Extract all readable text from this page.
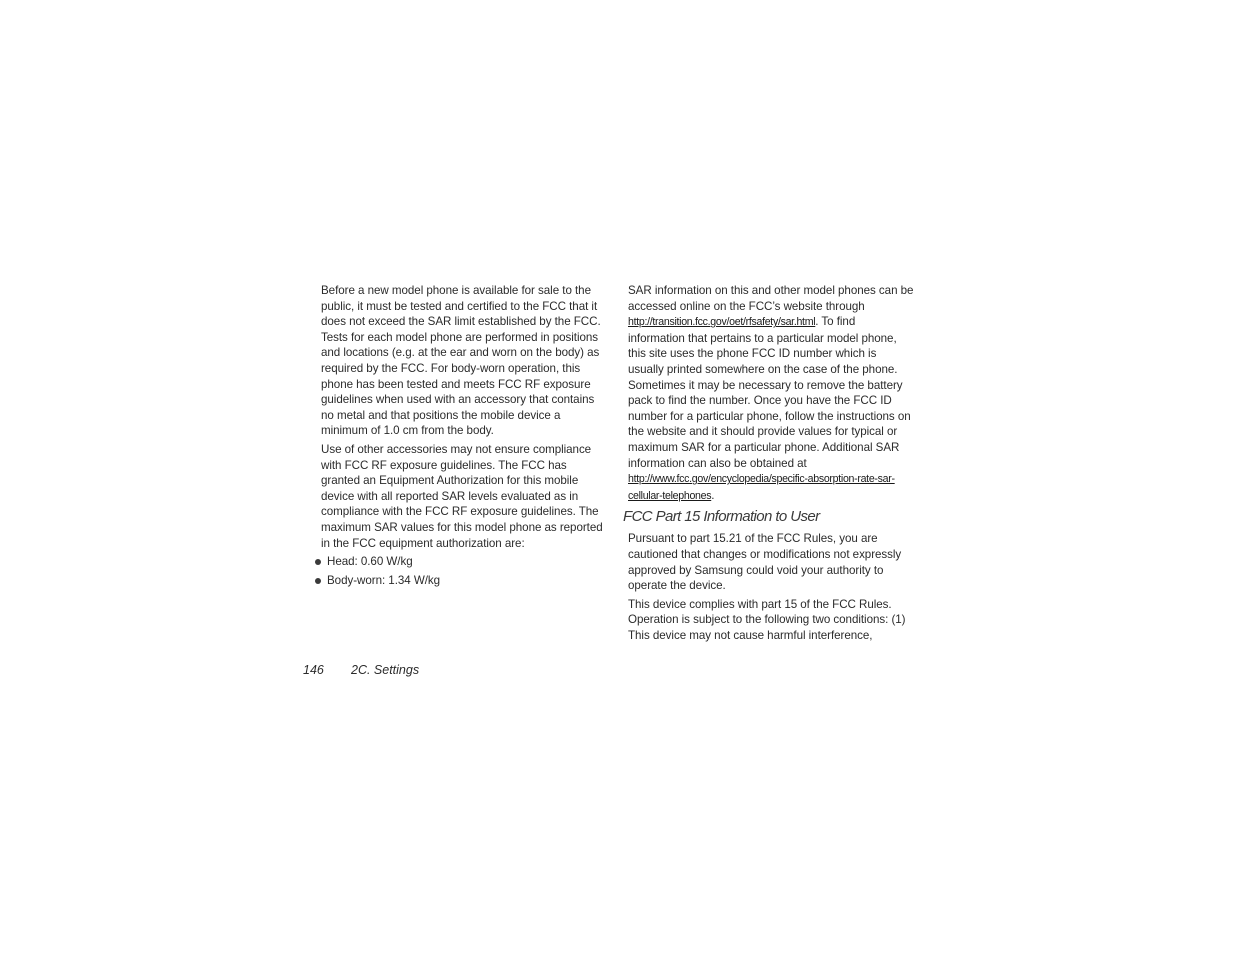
Before a new model phone is available for sale to the public, it must be tested and certified to the FCC that it does not exceed the SAR limit established by the FCC. Tests for each model phone are performed in positions and locations (e.g. at the ear and worn on the body) as required by the FCC. For body-worn operation, this phone has been tested and meets FCC RF exposure guidelines when used with an accessory that contains no metal and that positions the mobile device a minimum of 1.0 cm from the body.

Use of other accessories may not ensure compliance with FCC RF exposure guidelines. The FCC has granted an Equipment Authorization for this mobile device with all reported SAR levels evaluated as in compliance with the FCC RF exposure guidelines. The maximum SAR values for this model phone as reported in the FCC equipment authorization are:

Head: 0.60 W/kg
Body-worn: 1.34 W/kg

SAR information on this and other model phones can be accessed online on the FCC’s website through http://transition.fcc.gov/oet/rfsafety/sar.html. To find information that pertains to a particular model phone, this site uses the phone FCC ID number which is usually printed somewhere on the case of the phone. Sometimes it may be necessary to remove the battery pack to find the number. Once you have the FCC ID number for a particular phone, follow the instructions on the website and it should provide values for typical or maximum SAR for a particular phone. Additional SAR information can also be obtained at http://www.fcc.gov/encyclopedia/specific-absorption-rate-sar-cellular-telephones.

FCC Part 15 Information to User

Pursuant to part 15.21 of the FCC Rules, you are cautioned that changes or modifications not expressly approved by Samsung could void your authority to operate the device.

This device complies with part 15 of the FCC Rules. Operation is subject to the following two conditions: (1) This device may not cause harmful interference,

146 2C. Settings
